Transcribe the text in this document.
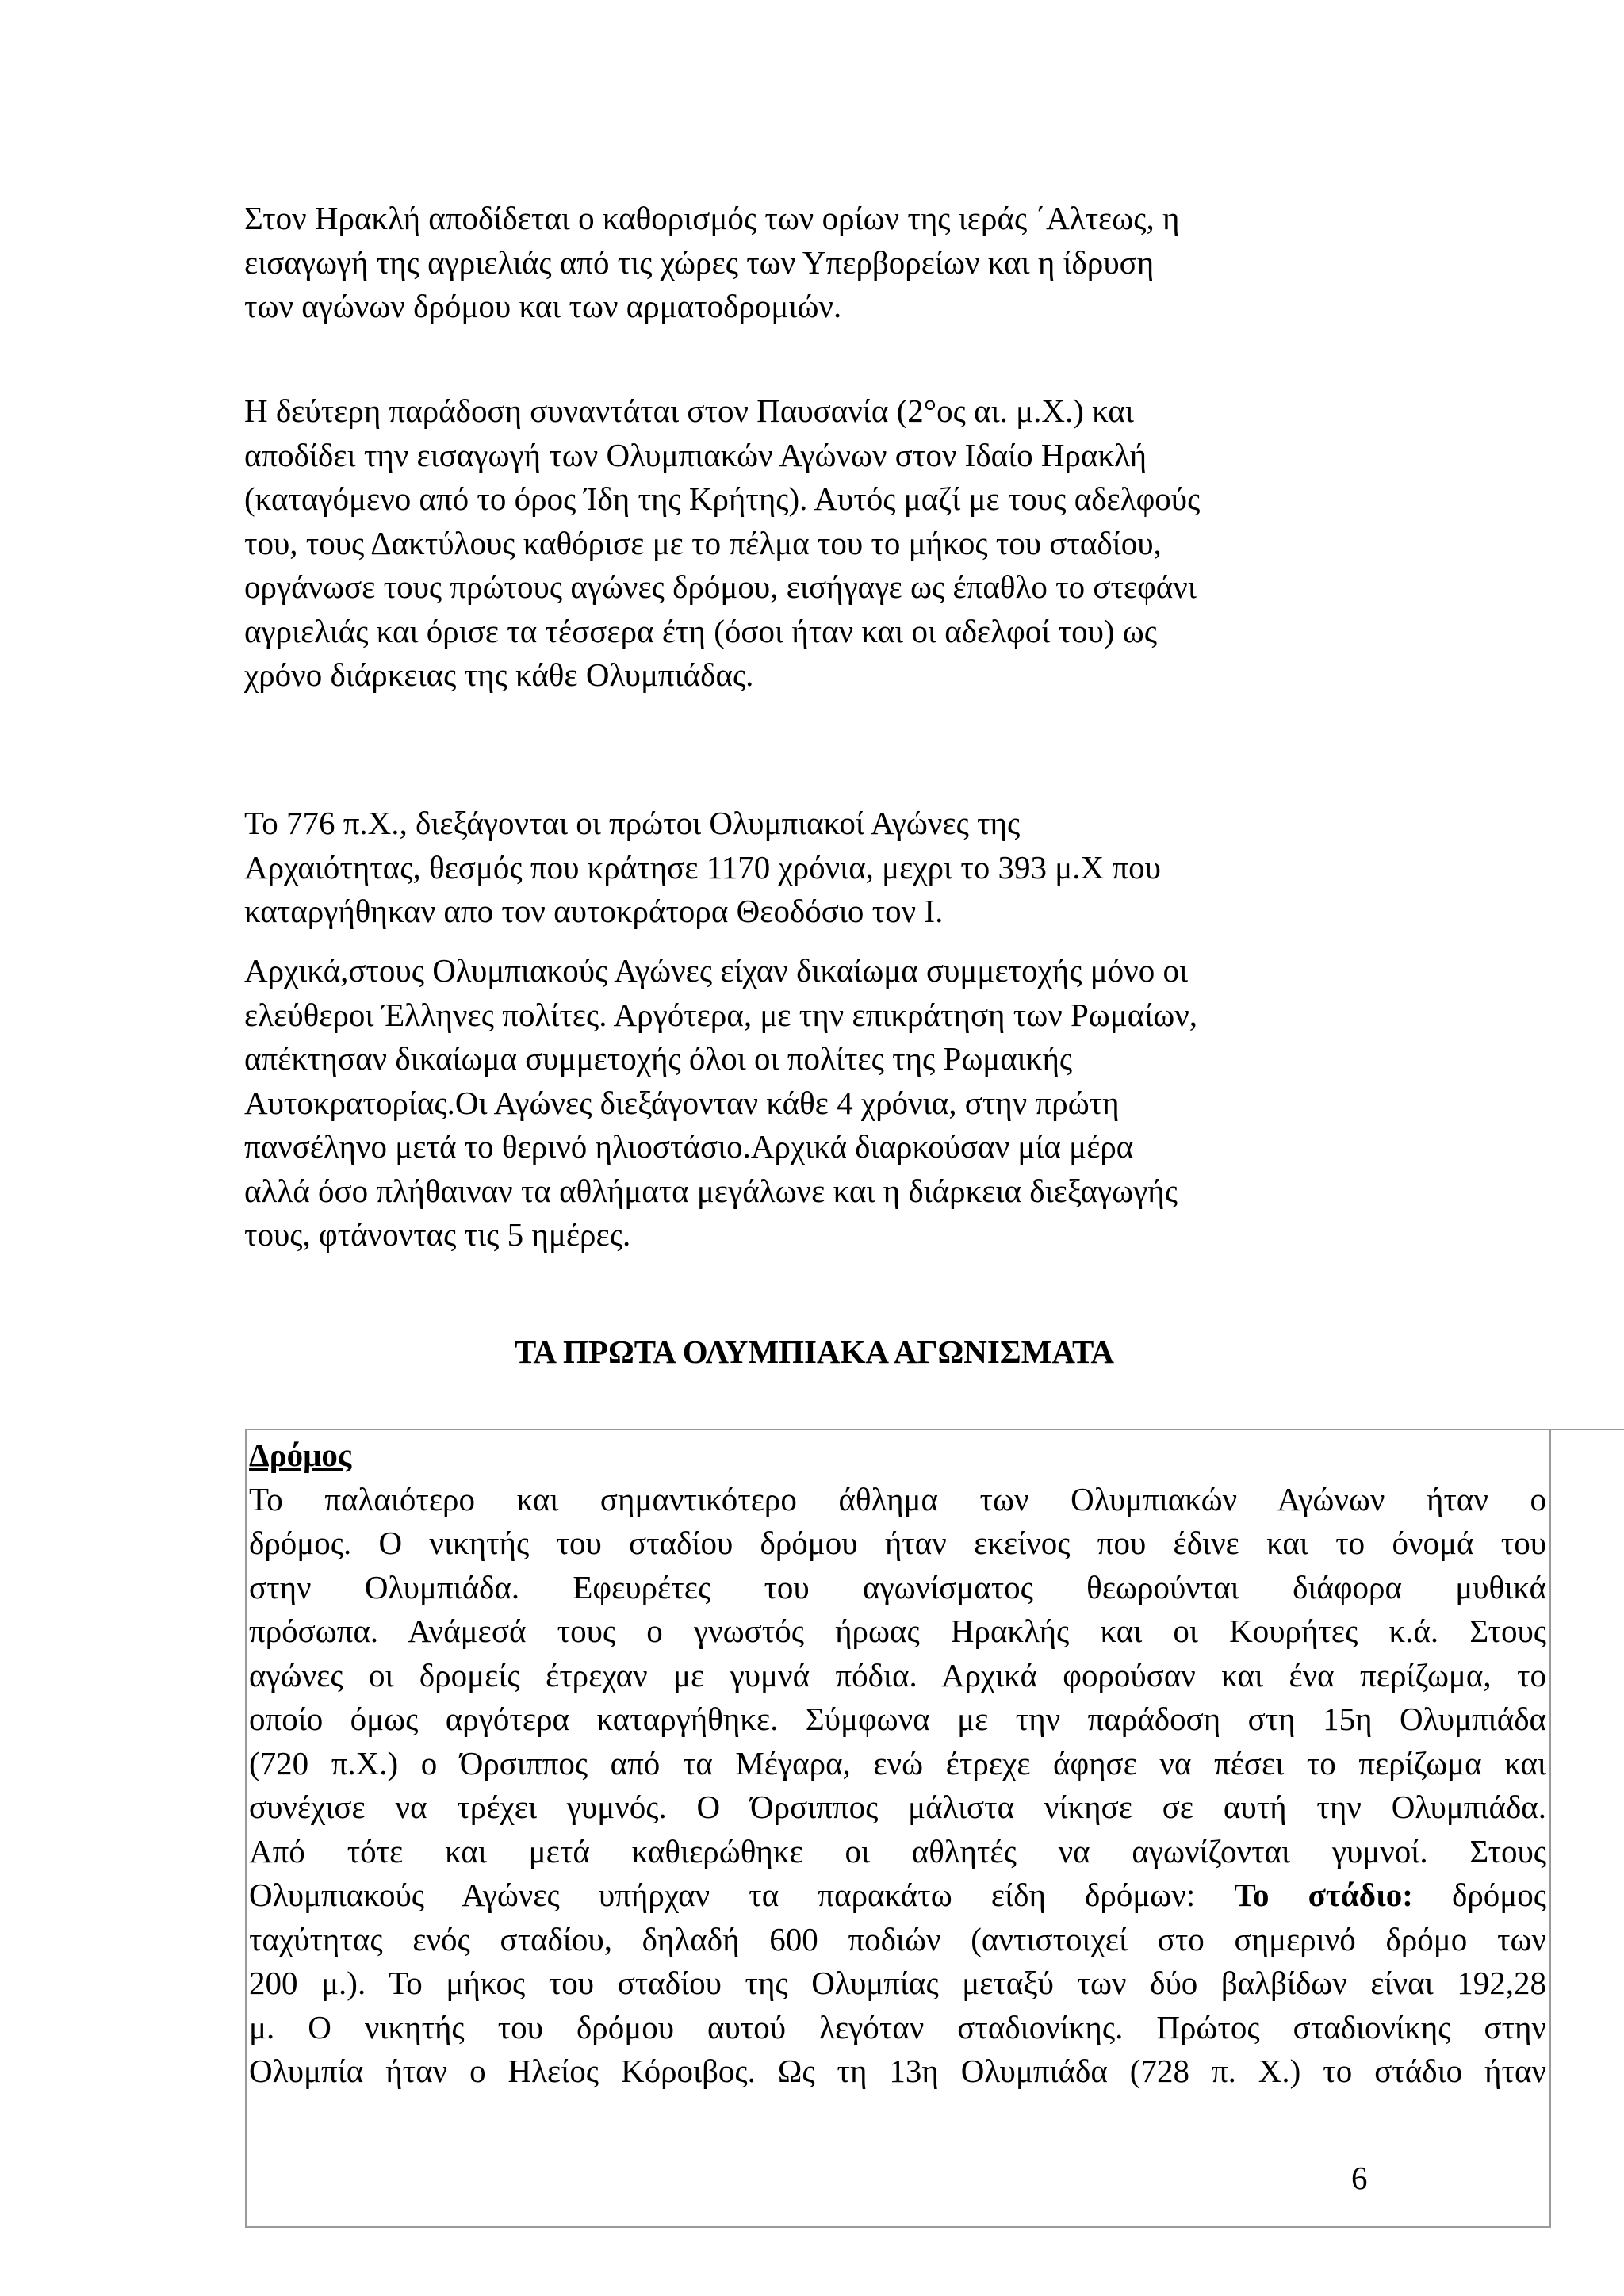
Στον Ηρακλή αποδίδεται ο καθορισμός των ορίων της ιεράς ΄Αλτεως, η
εισαγωγή της αγριελιάς από τις χώρες των Υπερβορείων και η ίδρυση
των αγώνων δρόμου και των αρματοδρομιών.

Η δεύτερη παράδοση συναντάται στον Παυσανία (2°ος αι. μ.Χ.) και
αποδίδει την εισαγωγή των Ολυμπιακών Αγώνων στον Ιδαίο Ηρακλή
(καταγόμενο από το όρος Ίδη της Κρήτης). Αυτός μαζί με τους αδελφούς
του, τους Δακτύλους καθόρισε με το πέλμα του το μήκος του σταδίου,
οργάνωσε τους πρώτους αγώνες δρόμου, εισήγαγε ως έπαθλο το στεφάνι
αγριελιάς και όρισε τα τέσσερα έτη (όσοι ήταν και οι αδελφοί του) ως
χρόνο διάρκειας της κάθε Ολυμπιάδας.

Το 776 π.Χ., διεξάγονται οι πρώτοι Ολυμπιακοί Αγώνες της
Αρχαιότητας, θεσμός που κράτησε 1170 χρόνια, μεχρι το 393 μ.Χ που
καταργήθηκαν απο τον αυτοκράτορα Θεοδόσιο τον Ι.

Αρχικά,στους Ολυμπιακούς Αγώνες είχαν δικαίωμα συμμετοχής μόνο οι
ελεύθεροι Έλληνες πολίτες. Αργότερα, με την επικράτηση των Ρωμαίων,
απέκτησαν δικαίωμα συμμετοχής όλοι οι πολίτες της Ρωμαικής
Αυτοκρατορίας.Οι Αγώνες διεξάγονταν κάθε 4 χρόνια, στην πρώτη
πανσέληνο μετά το θερινό ηλιοστάσιο.Αρχικά διαρκούσαν μία μέρα
αλλά όσο πλήθαιναν τα αθλήματα μεγάλωνε και η διάρκεια διεξαγωγής
τους, φτάνοντας τις 5 ημέρες.

ΤΑ ΠΡΩΤΑ ΟΛΥΜΠΙΑΚΑ ΑΓΩΝΙΣΜΑΤΑ
Δρόμος
Το παλαιότερο και σημαντικότερο άθλημα των Ολυμπιακών Αγώνων ήταν ο
δρόμος. Ο νικητής του σταδίου δρόμου ήταν εκείνος που έδινε και το όνομά του
στην Ολυμπιάδα. Εφευρέτες του αγωνίσματος θεωρούνται διάφορα μυθικά
πρόσωπα. Ανάμεσά τους ο γνωστός ήρωας Ηρακλής και οι Κουρήτες κ.ά. Στους
αγώνες οι δρομείς έτρεχαν με γυμνά πόδια. Αρχικά φορούσαν και ένα περίζωμα, το
οποίο όμως αργότερα καταργήθηκε. Σύμφωνα με την παράδοση στη 15η Ολυμπιάδα
(720 π.Χ.) ο Όρσιππος από τα Μέγαρα, ενώ έτρεχε άφησε να πέσει το περίζωμα και
συνέχισε να τρέχει γυμνός. Ο Όρσιππος μάλιστα νίκησε σε αυτή την Ολυμπιάδα.
Από τότε και μετά καθιερώθηκε οι αθλητές να αγωνίζονται γυμνοί. Στους
Ολυμπιακούς Αγώνες υπήρχαν τα παρακάτω είδη δρόμων: Το στάδιο: δρόμος
ταχύτητας ενός σταδίου, δηλαδή 600 ποδιών (αντιστοιχεί στο σημερινό δρόμο των
200 μ.). Το μήκος του σταδίου της Ολυμπίας μεταξύ των δύο βαλβίδων είναι 192,28
μ. Ο νικητής του δρόμου αυτού λεγόταν σταδιονίκης. Πρώτος σταδιονίκης στην
Ολυμπία ήταν ο Ηλείος Κόροιβος. Ως τη 13η Ολυμπιάδα (728 π. Χ.) το στάδιο ήταν
6
